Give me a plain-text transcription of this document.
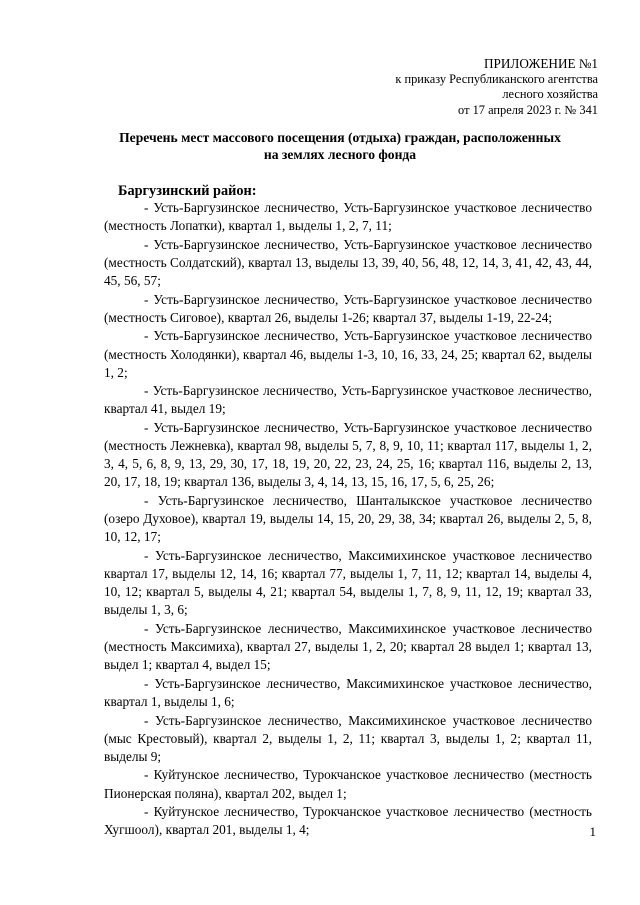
ПРИЛОЖЕНИЕ №1
к приказу Республиканского агентства
лесного хозяйства
от 17 апреля 2023 г. № 341
Перечень мест массового посещения (отдыха) граждан, расположенных
на землях лесного фонда
Баргузинский район:

- Усть-Баргузинское лесничество, Усть-Баргузинское участковое лесничество (местность Лопатки), квартал 1, выделы 1, 2, 7, 11;

- Усть-Баргузинское лесничество, Усть-Баргузинское участковое лесничество (местность Солдатский), квартал 13, выделы 13, 39, 40, 56, 48, 12, 14, 3, 41, 42, 43, 44, 45, 56, 57;

- Усть-Баргузинское лесничество, Усть-Баргузинское участковое лесничество (местность Сиговое), квартал 26, выделы 1-26; квартал 37, выделы 1-19, 22-24;

- Усть-Баргузинское лесничество, Усть-Баргузинское участковое лесничество (местность Холодянки), квартал 46, выделы 1-3, 10, 16, 33, 24, 25; квартал 62, выделы 1, 2;

- Усть-Баргузинское лесничество, Усть-Баргузинское участковое лесничество, квартал 41, выдел 19;

- Усть-Баргузинское лесничество, Усть-Баргузинское участковое лесничество (местность Лежневка), квартал 98, выделы 5, 7, 8, 9, 10, 11; квартал 117, выделы 1, 2, 3, 4, 5, 6, 8, 9, 13, 29, 30, 17, 18, 19, 20, 22, 23, 24, 25, 16; квартал 116, выделы 2, 13, 20, 17, 18, 19; квартал 136, выделы 3, 4, 14, 13, 15, 16, 17, 5, 6, 25, 26;

- Усть-Баргузинское лесничество, Шанталыкское участковое лесничество (озеро Духовое), квартал 19, выделы 14, 15, 20, 29, 38, 34; квартал 26, выделы 2, 5, 8, 10, 12, 17;

- Усть-Баргузинское лесничество, Максимихинское участковое лесничество квартал 17, выделы 12, 14, 16; квартал 77, выделы 1, 7, 11, 12; квартал 14, выделы 4, 10, 12; квартал 5, выделы 4, 21; квартал 54, выделы 1, 7, 8, 9, 11, 12, 19; квартал 33, выделы 1, 3, 6;

- Усть-Баргузинское лесничество, Максимихинское участковое лесничество (местность Максимиха), квартал 27, выделы 1, 2, 20; квартал 28 выдел 1; квартал 13, выдел 1; квартал 4, выдел 15;

- Усть-Баргузинское лесничество, Максимихинское участковое лесничество, квартал 1, выделы 1, 6;

- Усть-Баргузинское лесничество, Максимихинское участковое лесничество (мыс Крестовый), квартал 2, выделы 1, 2, 11; квартал 3, выделы 1, 2; квартал 11, выделы 9;

- Куйтунское лесничество, Турокчанское участковое лесничество (местность Пионерская поляна), квартал 202, выдел 1;

- Куйтунское лесничество, Турокчанское участковое лесничество (местность Хугшоол), квартал 201, выделы 1, 4;	1
